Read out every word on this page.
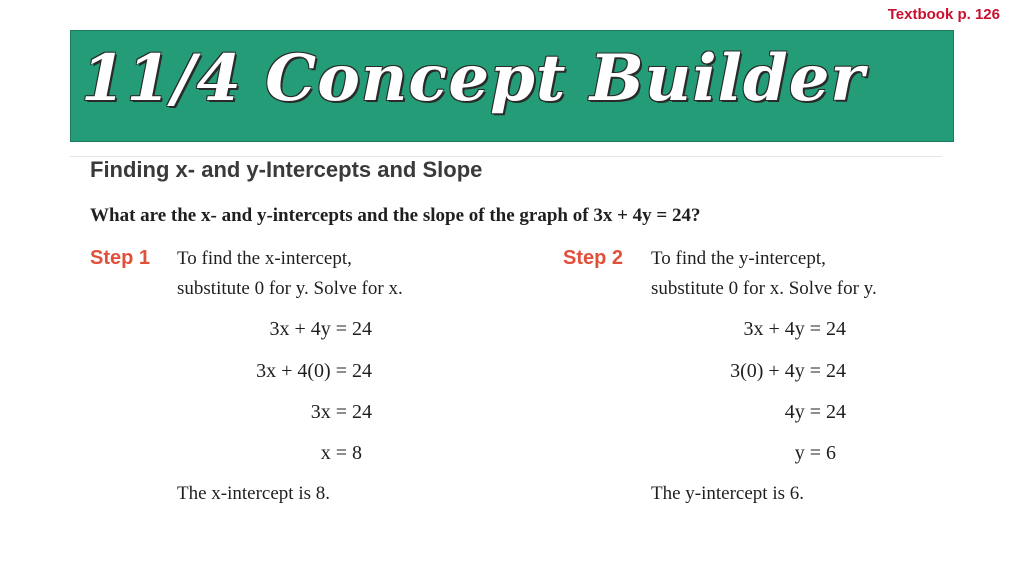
Textbook p. 126
11/4 Concept Builder
Finding x- and y-Intercepts and Slope
What are the x- and y-intercepts and the slope of the graph of 3x + 4y = 24?
Step 1 To find the x-intercept,
substitute 0 for y. Solve for x.
3x + 4y = 24
3x + 4(0) = 24
3x = 24
x = 8
The x-intercept is 8.
Step 2 To find the y-intercept,
substitute 0 for x. Solve for y.
3x + 4y = 24
3(0) + 4y = 24
4y = 24
y = 6
The y-intercept is 6.
